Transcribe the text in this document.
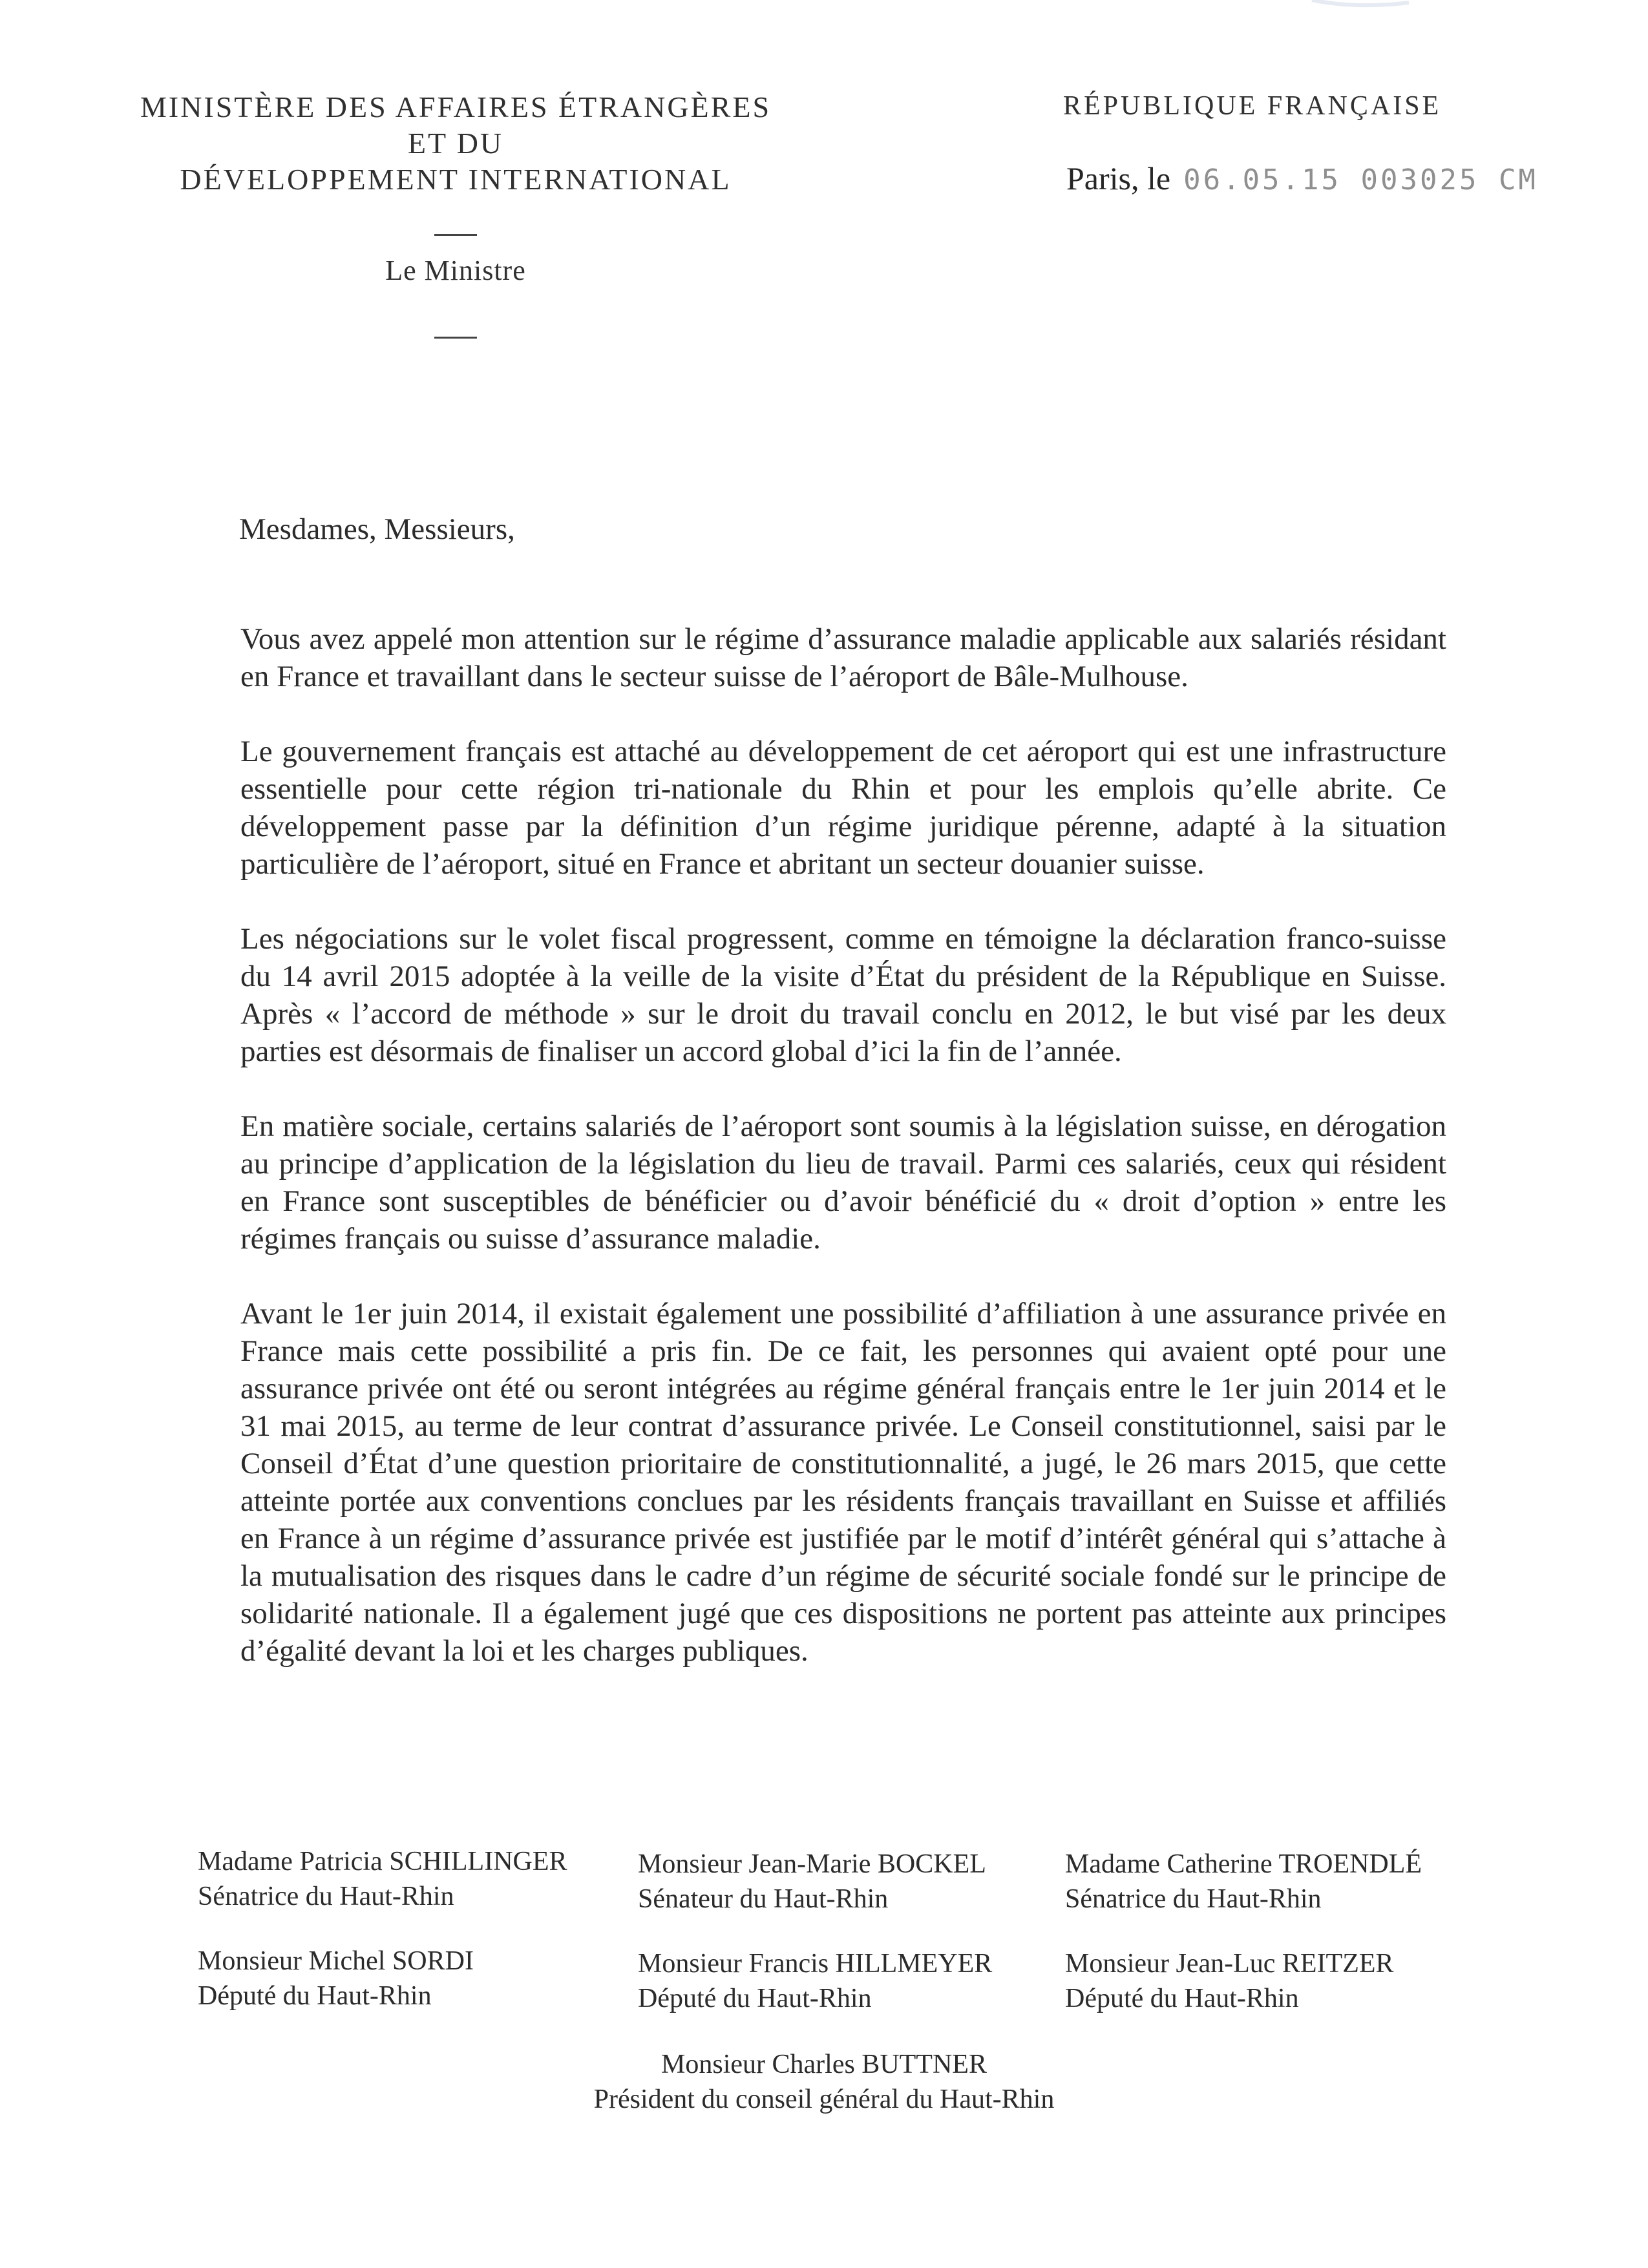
MINISTÈRE DES AFFAIRES ÉTRANGÈRES
ET DU
DÉVELOPPEMENT INTERNATIONAL
Le Ministre
RÉPUBLIQUE FRANÇAISE
Paris, le 06.05.15 003025 CM
Mesdames, Messieurs,

Vous avez appelé mon attention sur le régime d’assurance maladie applicable aux salariés résidant en France et travaillant dans le secteur suisse de l’aéroport de Bâle-Mulhouse.

Le gouvernement français est attaché au développement de cet aéroport qui est une infrastructure essentielle pour cette région tri-nationale du Rhin et pour les emplois qu’elle abrite. Ce développement passe par la définition d’un régime juridique pérenne, adapté à la situation particulière de l’aéroport, situé en France et abritant un secteur douanier suisse.

Les négociations sur le volet fiscal progressent, comme en témoigne la déclaration franco-suisse du 14 avril 2015 adoptée à la veille de la visite d’État du président de la République en Suisse. Après « l’accord de méthode » sur le droit du travail conclu en 2012, le but visé par les deux parties est désormais de finaliser un accord global d’ici la fin de l’année.

En matière sociale, certains salariés de l’aéroport sont soumis à la législation suisse, en dérogation au principe d’application de la législation du lieu de travail. Parmi ces salariés, ceux qui résident en France sont susceptibles de bénéficier ou d’avoir bénéficié du « droit d’option » entre les régimes français ou suisse d’assurance maladie.

Avant le 1er juin 2014, il existait également une possibilité d’affiliation à une assurance privée en France mais cette possibilité a pris fin. De ce fait, les personnes qui avaient opté pour une assurance privée ont été ou seront intégrées au régime général français entre le 1er juin 2014 et le 31 mai 2015, au terme de leur contrat d’assurance privée. Le Conseil constitutionnel, saisi par le Conseil d’État d’une question prioritaire de constitutionnalité, a jugé, le 26 mars 2015, que cette atteinte portée aux conventions conclues par les résidents français travaillant en Suisse et affiliés en France à un régime d’assurance privée est justifiée par le motif d’intérêt général qui s’attache à la mutualisation des risques dans le cadre d’un régime de sécurité sociale fondé sur le principe de solidarité nationale. Il a également jugé que ces dispositions ne portent pas atteinte aux principes d’égalité devant la loi et les charges publiques.

Madame Patricia SCHILLINGER
Sénatrice du Haut-Rhin
Monsieur Jean-Marie BOCKEL
Sénateur du Haut-Rhin
Madame Catherine TROENDLÉ
Sénatrice du Haut-Rhin
Monsieur Michel SORDI
Député du Haut-Rhin
Monsieur Francis HILLMEYER
Député du Haut-Rhin
Monsieur Jean-Luc REITZER
Député du Haut-Rhin
Monsieur Charles BUTTNER
Président du conseil général du Haut-Rhin
